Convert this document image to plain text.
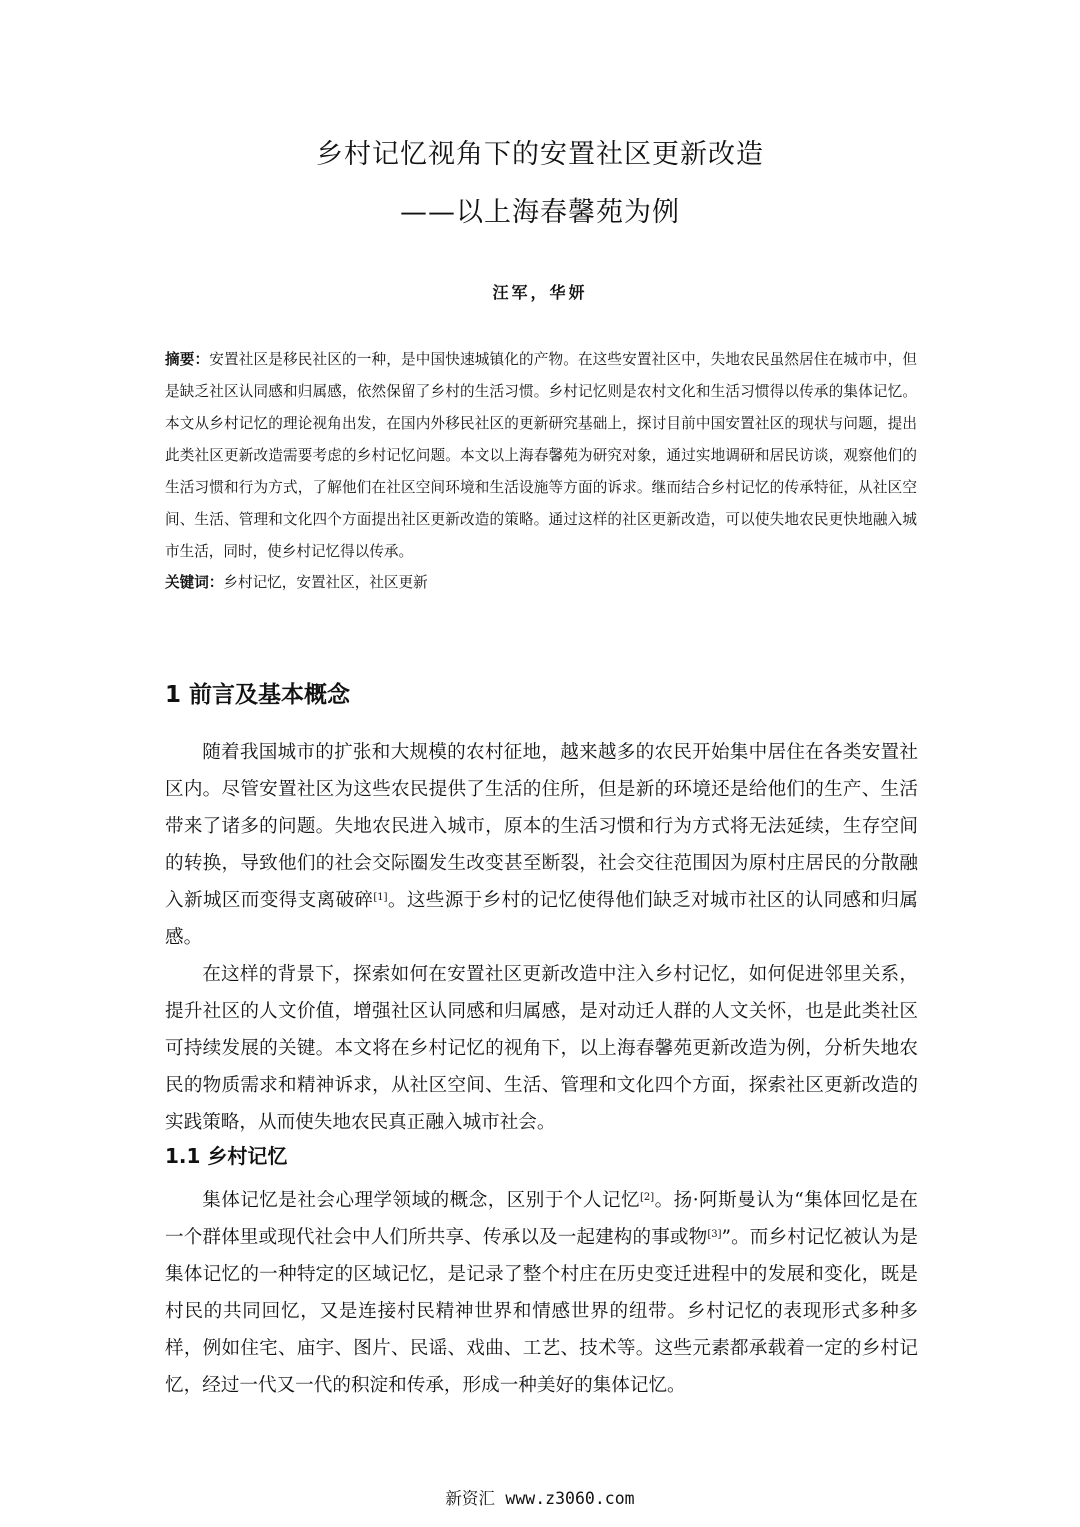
乡村记忆视角下的安置社区更新改造
——以上海春馨苑为例
汪军，华妍
摘要：安置社区是移民社区的一种，是中国快速城镇化的产物。在这些安置社区中，失地农民虽然居住在城市中，但是缺乏社区认同感和归属感，依然保留了乡村的生活习惯。乡村记忆则是农村文化和生活习惯得以传承的集体记忆。本文从乡村记忆的理论视角出发，在国内外移民社区的更新研究基础上，探讨目前中国安置社区的现状与问题，提出此类社区更新改造需要考虑的乡村记忆问题。本文以上海春馨苑为研究对象，通过实地调研和居民访谈，观察他们的生活习惯和行为方式，了解他们在社区空间环境和生活设施等方面的诉求。继而结合乡村记忆的传承特征，从社区空间、生活、管理和文化四个方面提出社区更新改造的策略。通过这样的社区更新改造，可以使失地农民更快地融入城市生活，同时，使乡村记忆得以传承。
关键词：乡村记忆，安置社区，社区更新
1 前言及基本概念
随着我国城市的扩张和大规模的农村征地，越来越多的农民开始集中居住在各类安置社区内。尽管安置社区为这些农民提供了生活的住所，但是新的环境还是给他们的生产、生活带来了诸多的问题。失地农民进入城市，原本的生活习惯和行为方式将无法延续，生存空间的转换，导致他们的社会交际圈发生改变甚至断裂，社会交往范围因为原村庄居民的分散融入新城区而变得支离破碎[1]。这些源于乡村的记忆使得他们缺乏对城市社区的认同感和归属感。
在这样的背景下，探索如何在安置社区更新改造中注入乡村记忆，如何促进邻里关系，提升社区的人文价值，增强社区认同感和归属感，是对动迁人群的人文关怀，也是此类社区可持续发展的关键。本文将在乡村记忆的视角下，以上海春馨苑更新改造为例，分析失地农民的物质需求和精神诉求，从社区空间、生活、管理和文化四个方面，探索社区更新改造的实践策略，从而使失地农民真正融入城市社会。
1.1 乡村记忆
集体记忆是社会心理学领域的概念，区别于个人记忆[2]。扬·阿斯曼认为“集体回忆是在一个群体里或现代社会中人们所共享、传承以及一起建构的事或物[3]”。而乡村记忆被认为是集体记忆的一种特定的区域记忆，是记录了整个村庄在历史变迁进程中的发展和变化，既是村民的共同回忆，又是连接村民精神世界和情感世界的纽带。乡村记忆的表现形式多种多样，例如住宅、庙宇、图片、民谣、戏曲、工艺、技术等。这些元素都承载着一定的乡村记忆，经过一代又一代的积淀和传承，形成一种美好的集体记忆。
新资汇 www.z3060.com
